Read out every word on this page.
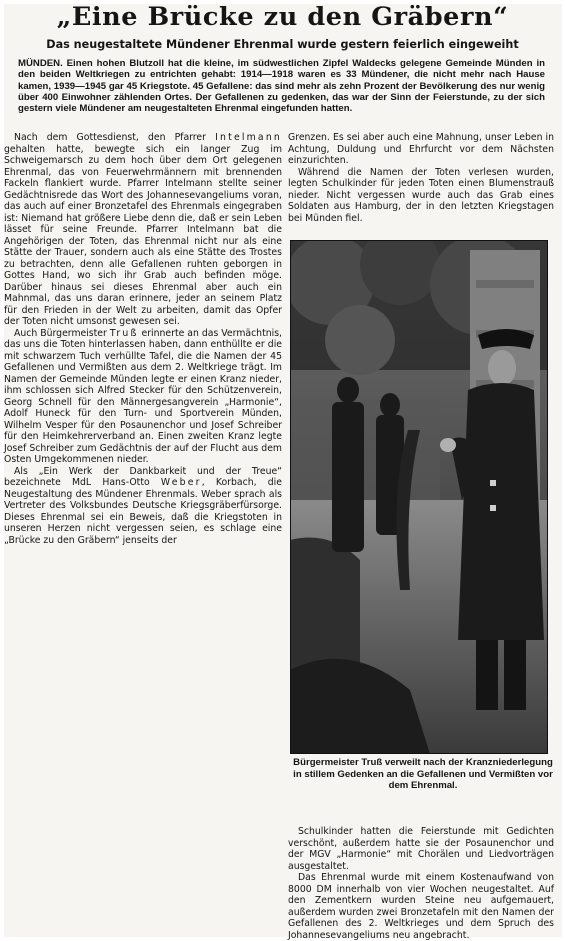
„Eine Brücke zu den Gräbern“
Das neugestaltete Mündener Ehrenmal wurde gestern feierlich eingeweiht
MÜNDEN. Einen hohen Blutzoll hat die kleine, im südwestlichen Zipfel Waldecks gelegene Gemeinde Münden in den beiden Weltkriegen zu entrichten gehabt: 1914—1918 waren es 33 Mündener, die nicht mehr nach Hause kamen, 1939—1945 gar 45 Kriegstote. 45 Gefallene: das sind mehr als zehn Prozent der Bevölkerung des nur wenig über 400 Einwohner zählenden Ortes. Der Gefallenen zu gedenken, das war der Sinn der Feierstunde, zu der sich gestern viele Mündener am neugestalteten Ehrenmal eingefunden hatten.

Nach dem Gottesdienst, den Pfarrer Intelmann gehalten hatte, bewegte sich ein langer Zug im Schweigemarsch zu dem hoch über dem Ort gelegenen Ehrenmal, das von Feuerwehrmännern mit brennenden Fackeln flankiert wurde. Pfarrer Intelmann stellte seiner Gedächtnisrede das Wort des Johannesevangeliums voran, das auch auf einer Bronzetafel des Ehrenmals eingegraben ist: Niemand hat größere Liebe denn die, daß er sein Leben lässet für seine Freunde. Pfarrer Intelmann bat die Angehörigen der Toten, das Ehrenmal nicht nur als eine Stätte der Trauer, sondern auch als eine Stätte des Trostes zu betrachten, denn alle Gefallenen ruhten geborgen in Gottes Hand, wo sich ihr Grab auch befinden möge. Darüber hinaus sei dieses Ehrenmal aber auch ein Mahnmal, das uns daran erinnere, jeder an seinem Platz für den Frieden in der Welt zu arbeiten, damit das Opfer der Toten nicht umsonst gewesen sei.

Auch Bürgermeister Truß erinnerte an das Vermächtnis, das uns die Toten hinterlassen haben, dann enthüllte er die mit schwarzem Tuch verhüllte Tafel, die die Namen der 45 Gefallenen und Vermißten aus dem 2. Weltkriege trägt. Im Namen der Gemeinde Münden legte er einen Kranz nieder, ihm schlossen sich Alfred Stecker für den Schützenverein, Georg Schnell für den Männergesangverein „Harmonie“, Adolf Huneck für den Turn- und Sportverein Münden, Wilhelm Vesper für den Posaunenchor und Josef Schreiber für den Heimkehrerverband an. Einen zweiten Kranz legte Josef Schreiber zum Gedächtnis der auf der Flucht aus dem Osten Umgekommenen nieder.

Als „Ein Werk der Dankbarkeit und der Treue“ bezeichnete MdL Hans-Otto Weber, Korbach, die Neugestaltung des Mündener Ehrenmals. Weber sprach als Vertreter des Volksbundes Deutsche Kriegsgräberfürsorge. Dieses Ehrenmal sei ein Beweis, daß die Kriegstoten in unseren Herzen nicht vergessen seien, es schlage eine „Brücke zu den Gräbern“ jenseits der

Grenzen. Es sei aber auch eine Mahnung, unser Leben in Achtung, Duldung und Ehrfurcht vor dem Nächsten einzurichten.

Während die Namen der Toten verlesen wurden, legten Schulkinder für jeden Toten einen Blumenstrauß nieder. Nicht vergessen wurde auch das Grab eines Soldaten aus Hamburg, der in den letzten Kriegstagen bei Münden fiel.

Bürgermeister Truß verweilt nach der Kranzniederlegung in stillem Gedenken an die Gefallenen und Vermißten vor dem Ehrenmal.

Schulkinder hatten die Feierstunde mit Gedichten verschönt, außerdem hatte sie der Posaunenchor und der MGV „Harmonie“ mit Chorälen und Liedvorträgen ausgestaltet.

Das Ehrenmal wurde mit einem Kostenaufwand von 8000 DM innerhalb von vier Wochen neugestaltet. Auf den Zementkern wurden Steine neu aufgemauert, außerdem wurden zwei Bronzetafeln mit den Namen der Gefallenen des 2. Weltkrieges und dem Spruch des Johannesevangeliums neu angebracht.
